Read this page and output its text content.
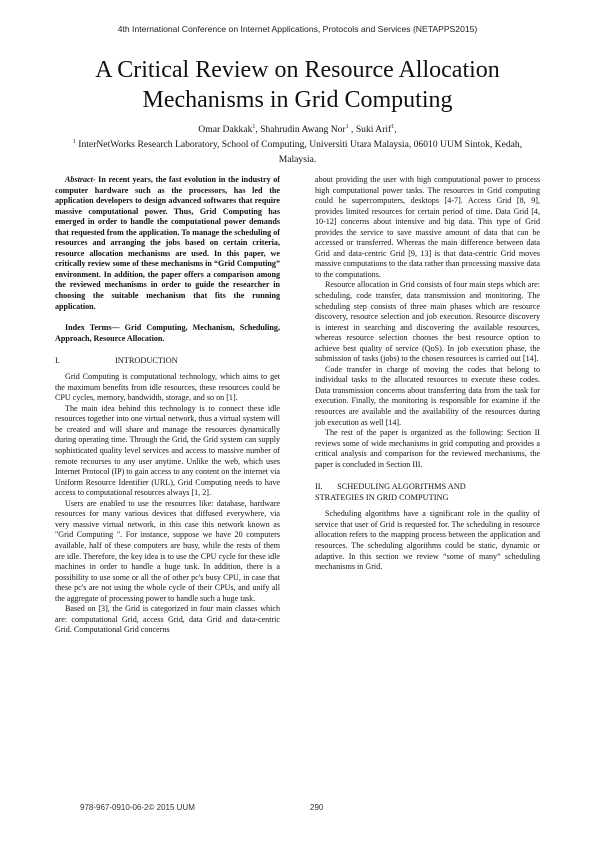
4th International Conference on Internet Applications, Protocols and Services (NETAPPS2015)
A Critical Review on Resource Allocation
Mechanisms in Grid Computing
Omar Dakkak$^1$, Shahrudin Awang Nor$^1$ , Suki Arif$^1$,
$^1$ InterNetWorks Research Laboratory, School of Computing, Universiti Utara Malaysia, 06010 UUM Sintok, Kedah,
Malaysia.

Abstract- In recent years, the fast evolution in the industry of computer hardware such as the processors, has led the application developers to design advanced softwares that require massive computational power. Thus, Grid Computing has emerged in order to handle the computational power demands that requested from the application. To manage the scheduling of resources and arranging the jobs based on certain criteria, resource allocation mechanisms are used. In this paper, we critically review some of these mechanisms in “Grid Computing” environment. In addition, the paper offers a comparison among the reviewed mechanisms in order to guide the researcher in choosing the suitable mechanism that fits the running application.

Index Terms— Grid Computing, Mechanism, Scheduling, Approach, Resource Allocation.

I.	INTRODUCTION

Grid Computing is computational technology, which aims to get the maximum benefits from idle resources, these resources could be CPU cycles, memory, bandwidth, storage, and so on [1].

The main idea behind this technology is to connect these idle resources together into one virtual network, thus a virtual system will be created and will share and manage the resources dynamically during operating time. Through the Grid, the Grid system can supply sophisticated quality level services and access to massive number of remote recourses to any user anytime. Unlike the web, which uses Internet Protocol (IP) to gain access to any content on the internet via Uniform Resource Identifier (URL), Grid Computing needs to have access to computational resources always [1, 2].

Users are enabled to use the resources like: database, hardware resources for many various devices that diffused everywhere, via very massive virtual network, in this case this network known as "Grid Computing ". For instance, suppose we have 20 computers available, half of these computers are busy, while the rests of them are idle. Therefore, the key idea is to use the CPU cycle for these idle machines in order to handle a huge task. In addition, there is a possibility to use some or all the of other pc's busy CPU, in case that these pc's are not using the whole cycle of their CPUs, and unify all the aggregate of processing power to handle such a huge task.

Based on [3], the Grid is categorized in four main classes which are: computational Grid, access Grid, data Grid and data-centric Grid. Computational Grid concerns

about providing the user with high computational power to process high computational power tasks. The resources in Grid computing could be supercomputers, desktops [4-7]. Access Grid [8, 9], provides limited resources for certain period of time. Data Grid [4, 10-12] concerns about intensive and big data. This type of Grid provides the service to save massive amount of data that can be accessed or transferred. Whereas the main difference between data Grid and data-centric Grid [9, 13] is that data-centric Grid moves massive computations to the data rather than processing massive data to the computations.

Resource allocation in Grid consists of four main steps which are: scheduling, code transfer, data transmission and monitoring. The scheduling step consists of three main phases which are resource discovery, resource selection and job execution. Resource discovery is interest in searching and discovering the available resources, whereas resource selection chooses the best resource option to achieve best quality of service (QoS). In job execution phase, the submission of tasks (jobs) to the chosen resources is carried out [14].

Code transfer in charge of moving the codes that belong to individual tasks to the allocated resources to execute these codes. Data transmission concerns about transferring data from the task for execution. Finally, the monitoring is responsible for examine if the resources are available and the availability of the resources during job execution as well [14].

The rest of the paper is organized as the following: Section II reviews some of wide mechanisms in grid computing and provides a critical analysis and comparison for the reviewed mechanisms, the paper is concluded in Section III.

II. SCHEDULING ALGORITHMS AND
STRATEGIES IN GRID COMPUTING

Scheduling algorithms have a significant role in the quality of service that user of Grid is requested for. The scheduling in resource allocation refers to the mapping process between the application and resources. The scheduling algorithms could be static, dynamic or adaptive. In this section we review “some of many” scheduling mechanisms in Grid.

978-967-0910-06-2© 2015 UUM	290
